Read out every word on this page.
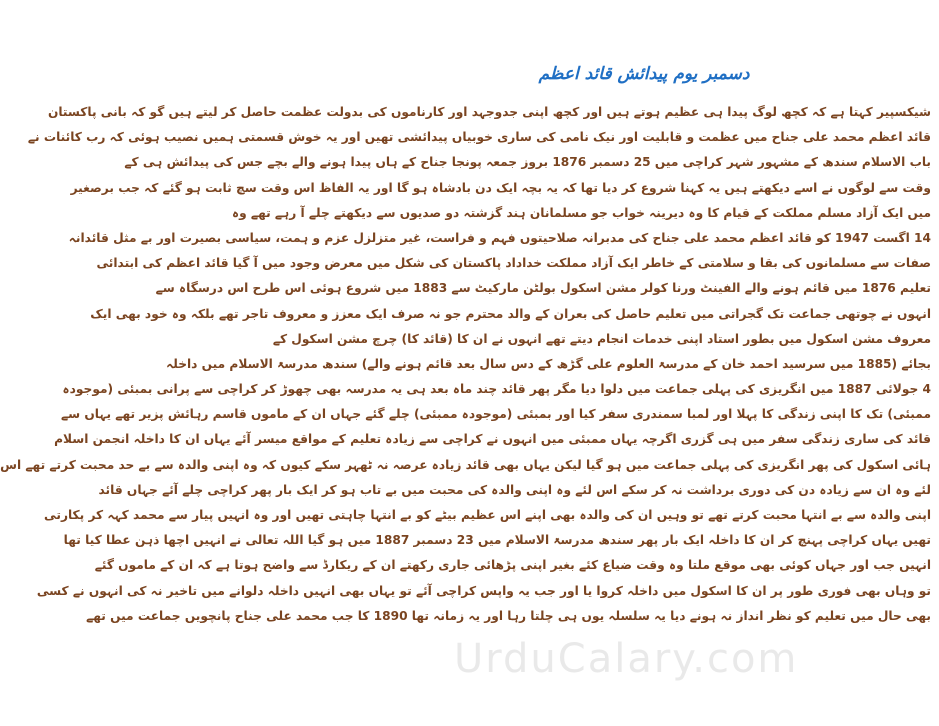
دسمبر یوم پیدائش قائد اعظم
شیکسپیر کہتا ہے کہ کچھ لوگ پیدا ہی عظیم ہوتے ہیں اور کچھ اپنی جدوجہد اور کارناموں کی بدولت عظمت حاصل کر لیتے ہیں گو کہ بانی پاکستان
قائد اعظم محمد علی جناح میں عظمت و قابلیت اور نیک نامی کی ساری خوبیاں پیدائشی تھیں اور یہ خوش قسمتی ہمیں نصیب ہوئی کہ رب کائنات نے
باب الاسلام سندھ کے مشہور شہر کراچی میں 25 دسمبر 1876 بروز جمعہ پونجا جناح کے ہاں پیدا ہونے والے بچے جس کی پیدائش ہی کے
وقت سے لوگوں نے اسے دیکھتے ہیں یہ کہنا شروع کر دیا تھا کہ یہ بچہ ایک دن بادشاہ ہو گا اور یہ الفاظ اس وقت سچ ثابت ہو گئے کہ جب برصغیر
میں ایک آزاد مسلم مملکت کے قیام کا وہ دیرینہ خواب جو مسلمانان ہند گزشتہ دو صدیوں سے دیکھتے چلے آ رہے تھے وہ
14 اگست 1947 کو قائد اعظم محمد علی جناح کی مدبرانہ صلاحیتوں فہم و فراست، غیر متزلزل عزم و ہمت، سیاسی بصیرت اور بے مثل قائدانہ
صفات سے مسلمانوں کی بقا و سلامتی کے خاطر ایک آزاد مملکت خداداد پاکستان کی شکل میں معرض وجود میں آ گیا قائد اعظم کی ابتدائی
تعلیم 1876 میں قائم ہونے والے الفینٹ ورنا کولر مشن اسکول بولٹن مارکیٹ سے 1883 میں شروع ہوئی اس طرح اس درسگاہ سے
انہوں نے چوتھی جماعت تک گجراتی میں تعلیم حاصل کی بعران کے والد محترم جو نہ صرف ایک معزز و معروف تاجر تھے بلکہ وہ خود بھی ایک
معروف مشن اسکول میں بطور استاد اپنی خدمات انجام دیتے تھے انہوں نے ان کا (قائد کا) چرچ مشن اسکول کے
بجائے (1885 میں سرسید احمد خان کے مدرسۃ العلوم علی گڑھ کے دس سال بعد قائم ہونے والے) سندھ مدرسۃ الاسلام میں داخلہ
4 جولائی 1887 میں انگریزی کی پہلی جماعت میں دلوا دیا مگر پھر قائد چند ماہ بعد ہی یہ مدرسہ بھی چھوڑ کر کراچی سے پرانی بمبئی (موجودہ
ممبئی) تک کا اپنی زندگی کا پہلا اور لمبا سمندری سفر کیا اور بمبئی (موجودہ ممبئی) چلے گئے جہاں ان کے ماموں قاسم رہائش پزیر تھے یہاں سے
قائد کی ساری زندگی سفر میں ہی گزری اگرچہ یہاں ممبئی میں انہوں نے کراچی سے زیادہ تعلیم کے مواقع میسر آئے یہاں ان کا داخلہ انجمن اسلام
ہائی اسکول کی پھر انگریزی کی پہلی جماعت میں ہو گیا لیکن یہاں بھی قائد زیادہ عرصہ نہ ٹھہر سکے کیوں کہ وہ اپنی والدہ سے بے حد محبت کرتے تھے اس
لئے وہ ان سے زیادہ دن کی دوری برداشت نہ کر سکے اس لئے وہ اپنی والدہ کی محبت میں بے تاب ہو کر ایک بار پھر کراچی چلے آئے جہاں قائد
اپنی والدہ سے بے انتہا محبت کرتے تھے تو وہیں ان کی والدہ بھی اپنے اس عظیم بیٹے کو بے انتہا چاہتی تھیں اور وہ انہیں پیار سے محمد کہہ کر پکارتی
تھیں یہاں کراچی پہنچ کر ان کا داخلہ ایک بار پھر سندھ مدرسۃ الاسلام میں 23 دسمبر 1887 میں ہو گیا اللہ تعالی نے انہیں اچھا ذہن عطا کیا تھا
انہیں جب اور جہاں کوئی بھی موقع ملتا وہ وقت ضیاع کئے بغیر اپنی پڑھائی جاری رکھتے ان کے ریکارڈ سے واضح ہوتا ہے کہ ان کے ماموں گئے
تو وہاں بھی فوری طور پر ان کا اسکول میں داخلہ کروا یا اور جب یہ واپس کراچی آئے تو یہاں بھی انہیں داخلہ دلوانے میں تاخیر نہ کی انہوں نے کسی
بھی حال میں تعلیم کو نظر انداز نہ ہونے دیا یہ سلسلہ یوں ہی چلتا رہا اور یہ زمانہ تھا 1890 کا جب محمد علی جناح پانچویں جماعت میں تھے
UrduCalary.com
